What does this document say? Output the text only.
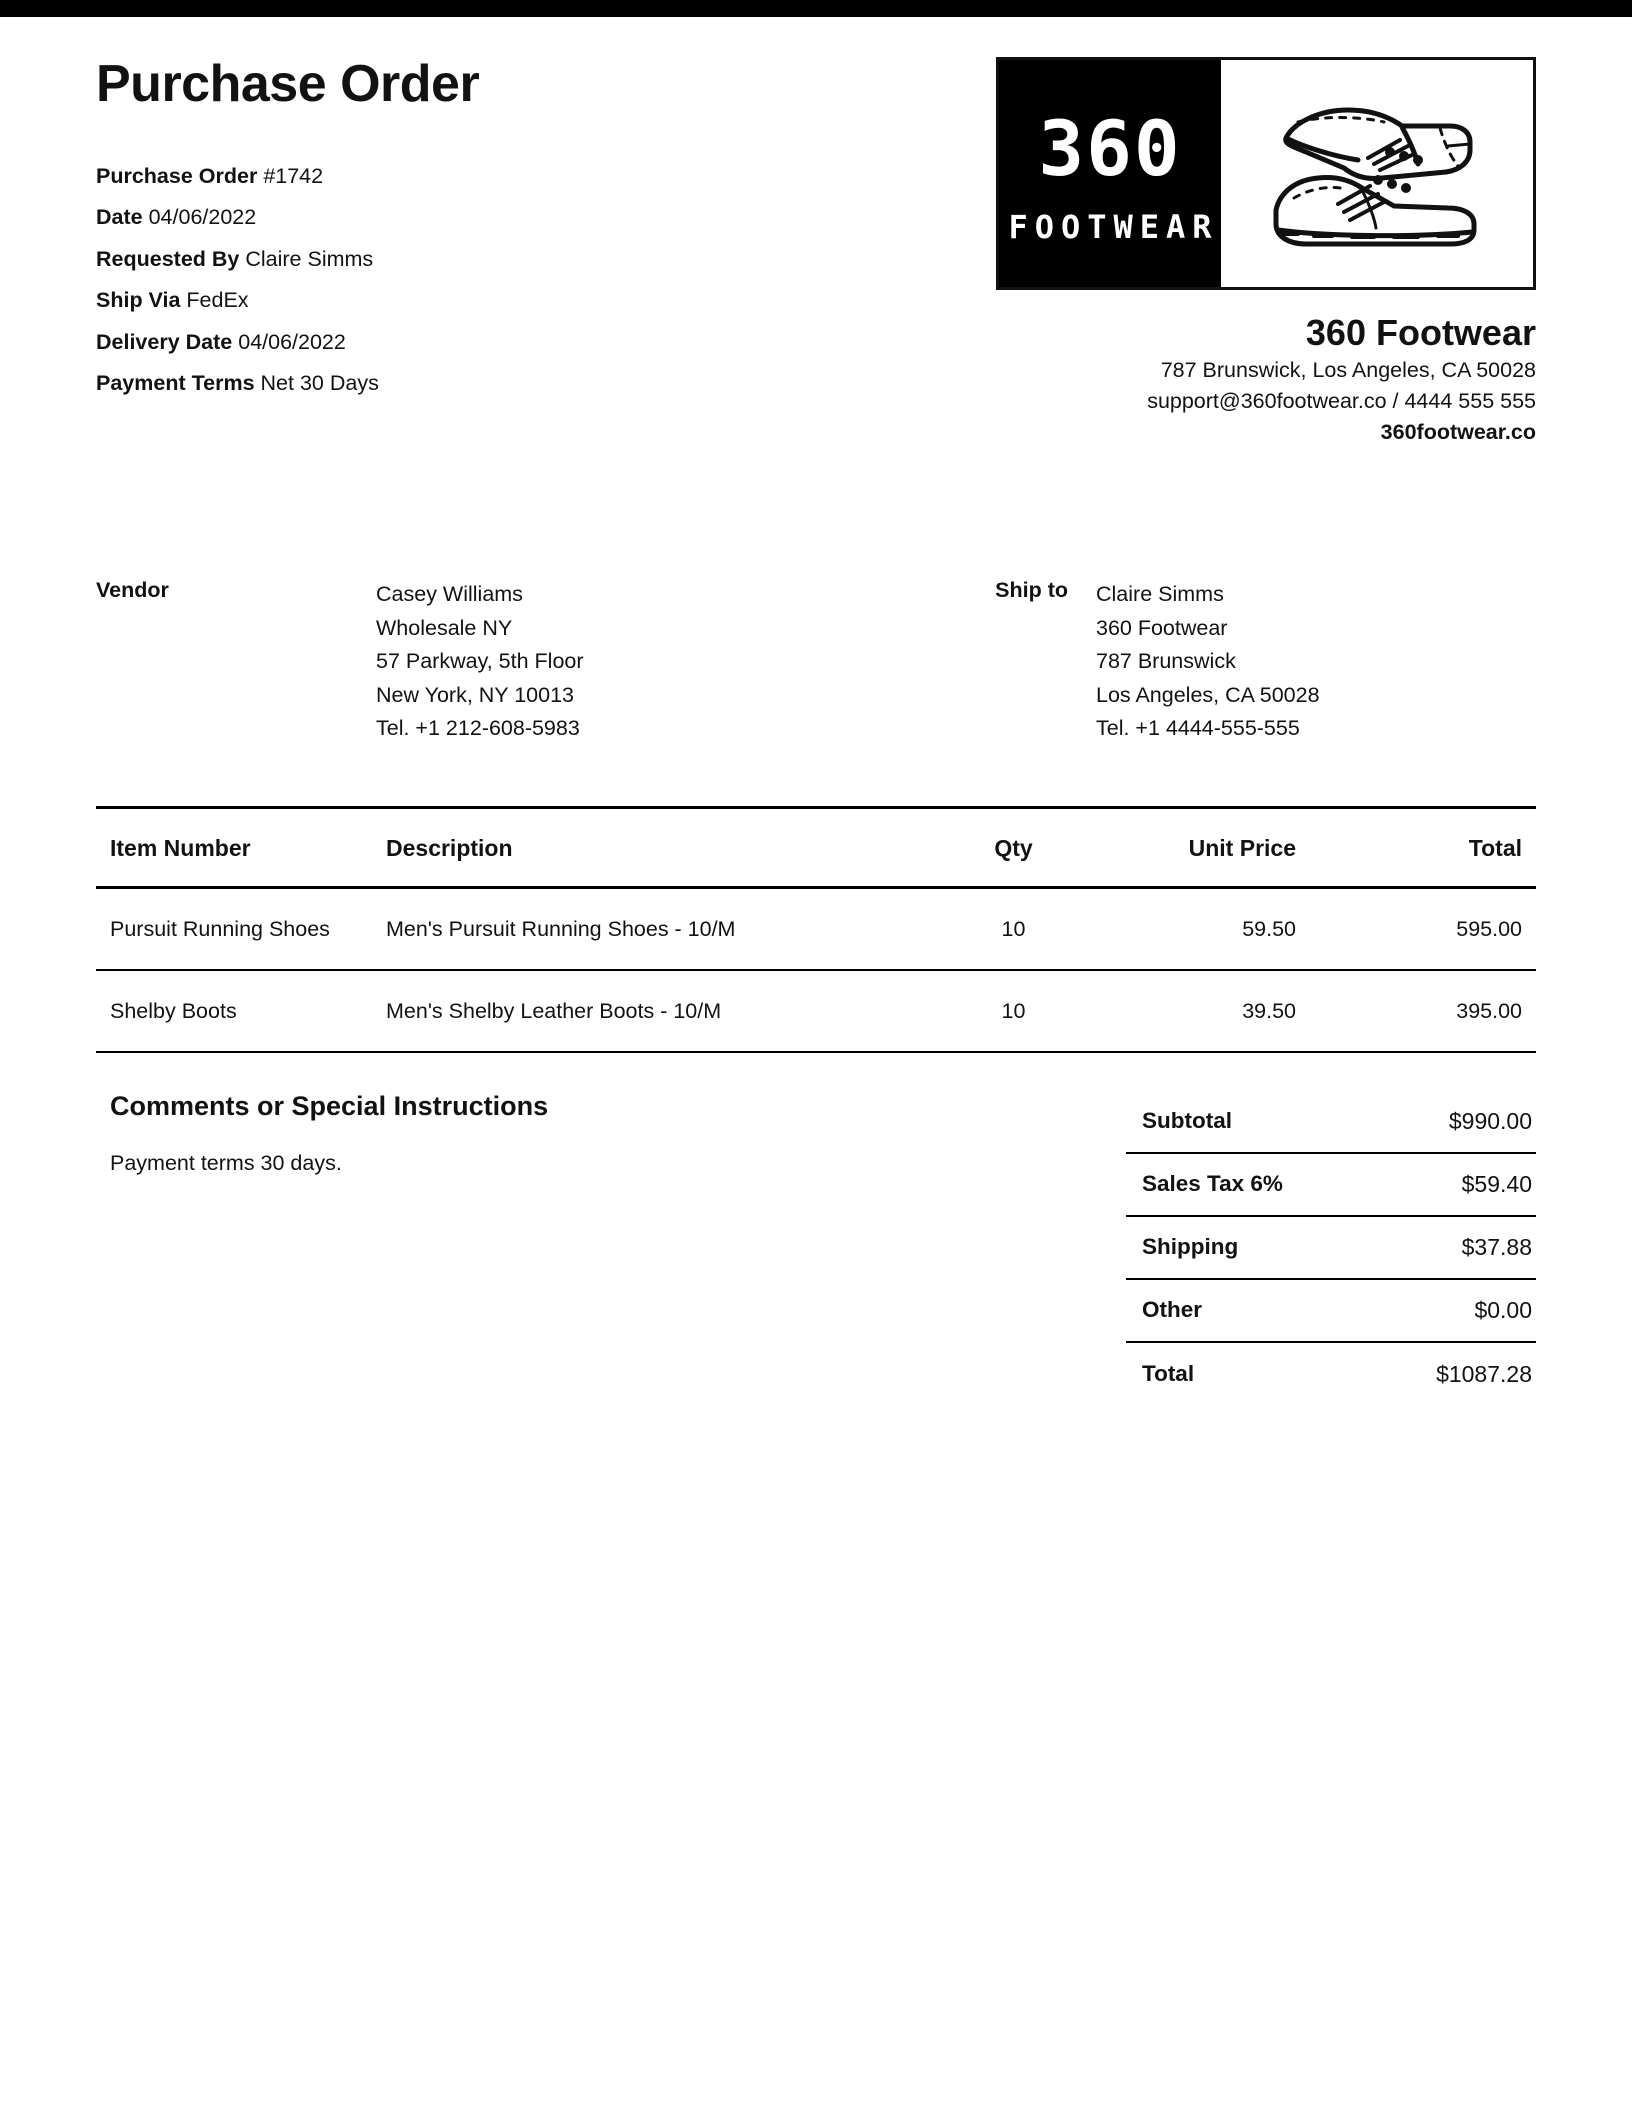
Purchase Order
Purchase Order #1742
Date 04/06/2022
Requested By Claire Simms
Ship Via FedEx
Delivery Date 04/06/2022
Payment Terms Net 30 Days
360
FOOTWEAR
360 Footwear
787 Brunswick, Los Angeles, CA 50028
support@360footwear.co / 4444 555 555
360footwear.co
Vendor	Casey Williams
Wholesale NY
57 Parkway, 5th Floor
New York, NY 10013
Tel. +1 212-608-5983
Ship to	Claire Simms
360 Footwear
787 Brunswick
Los Angeles, CA 50028
Tel. +1 4444-555-555
Item Number	Description	Qty	Unit Price	Total
Pursuit Running Shoes	Men's Pursuit Running Shoes - 10/M	10	59.50	595.00
Shelby Boots	Men's Shelby Leather Boots - 10/M	10	39.50	395.00
Comments or Special Instructions
Payment terms 30 days.
Subtotal	$990.00
Sales Tax 6%	$59.40
Shipping	$37.88
Other	$0.00
Total	$1087.28
